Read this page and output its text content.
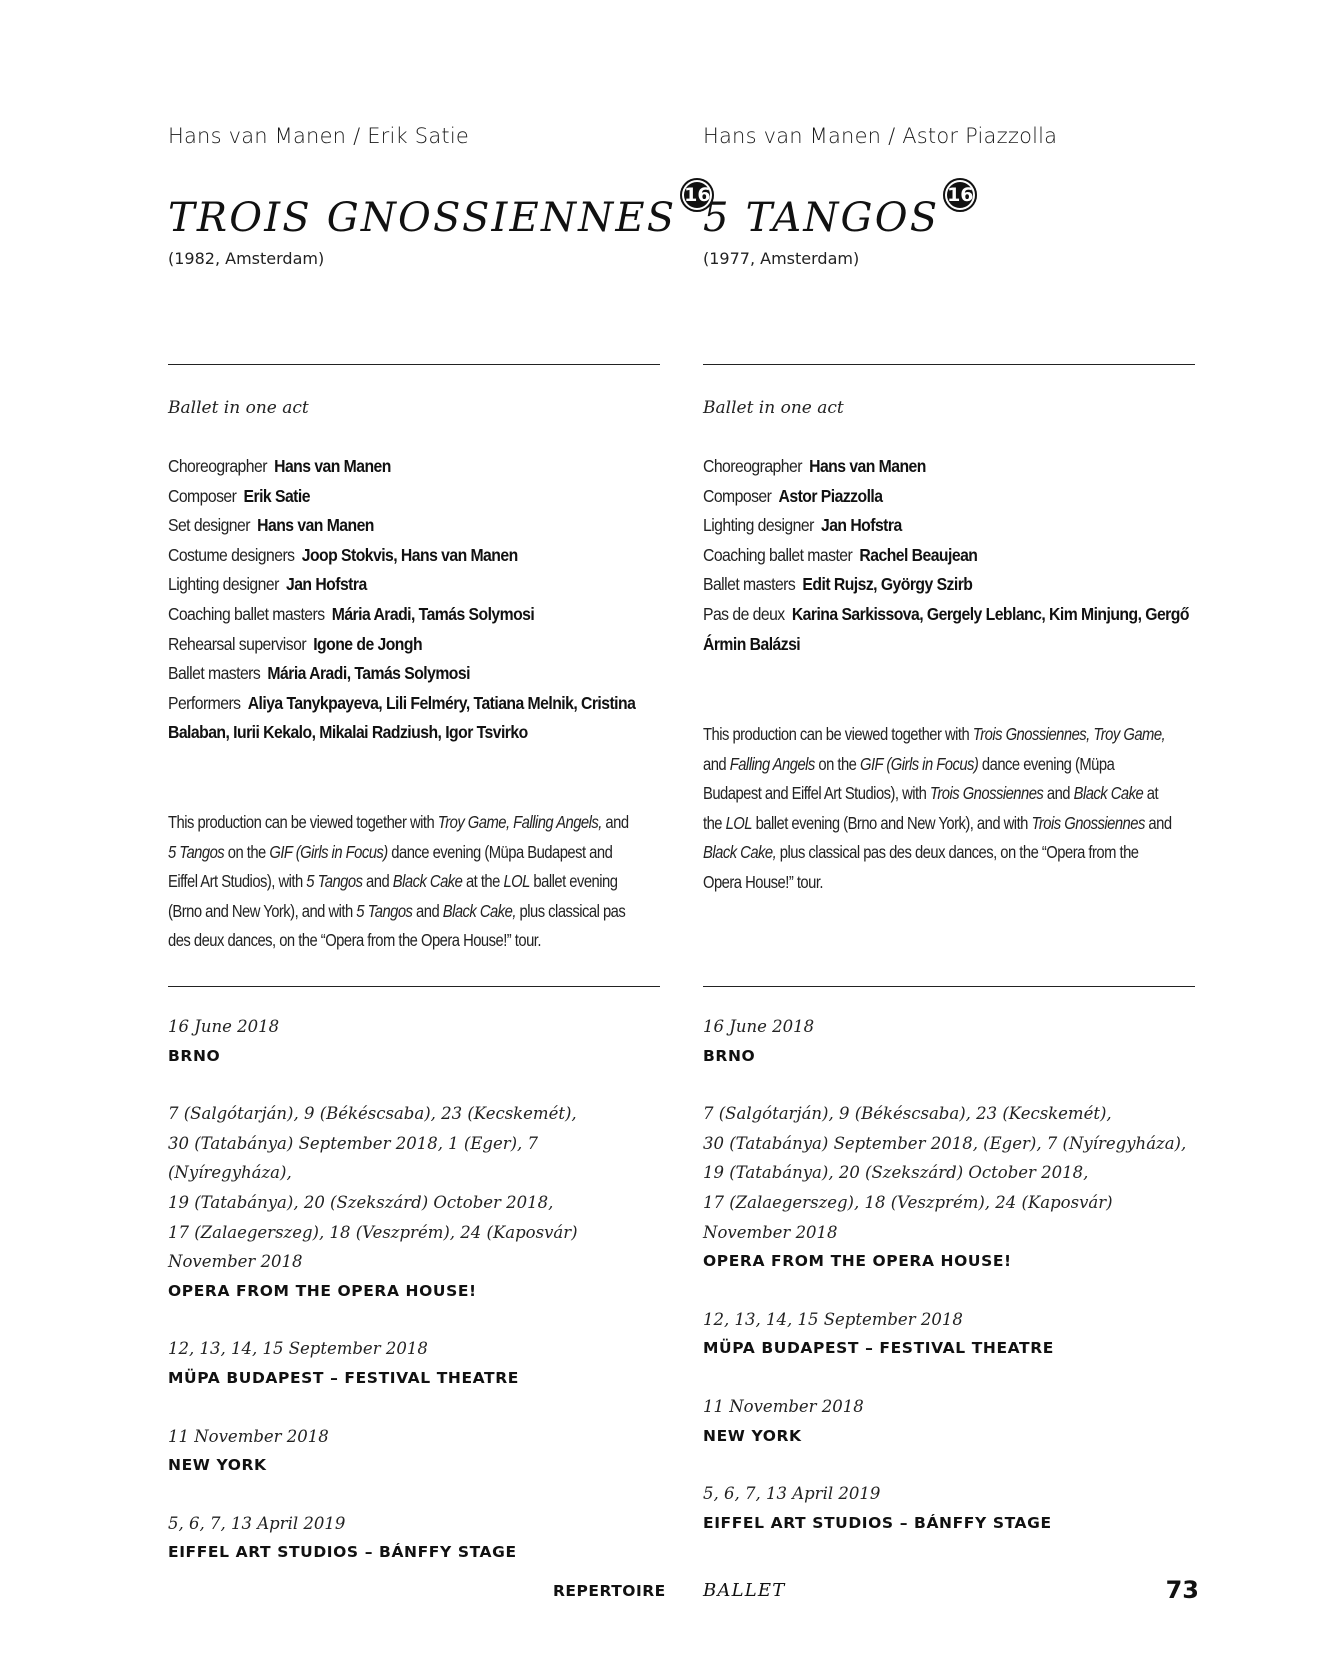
Hans van Manen / Erik Satie
TROIS GNOSSIENNES 16
(1982, Amsterdam)
Ballet in one act
Choreographer Hans van Manen
Composer Erik Satie
Set designer Hans van Manen
Costume designers Joop Stokvis, Hans van Manen
Lighting designer Jan Hofstra
Coaching ballet masters Mária Aradi, Tamás Solymosi
Rehearsal supervisor Igone de Jongh
Ballet masters Mária Aradi, Tamás Solymosi
Performers Aliya Tanykpayeva, Lili Felméry, Tatiana Melnik, Cristina Balaban, Iurii Kekalo, Mikalai Radziush, Igor Tsvirko
This production can be viewed together with Troy Game, Falling Angels, and 5 Tangos on the GIF (Girls in Focus) dance evening (Müpa Budapest and Eiffel Art Studios), with 5 Tangos and Black Cake at the LOL ballet evening (Brno and New York), and with 5 Tangos and Black Cake, plus classical pas des deux dances, on the “Opera from the Opera House!” tour.
16 June 2018
BRNO
7 (Salgótarján), 9 (Békéscsaba), 23 (Kecskemét),
30 (Tatabánya) September 2018, 1 (Eger), 7 (Nyíregyháza),
19 (Tatabánya), 20 (Szekszárd) October 2018,
17 (Zalaegerszeg), 18 (Veszprém), 24 (Kaposvár) November 2018
OPERA FROM THE OPERA HOUSE!
12, 13, 14, 15 September 2018
MÜPA BUDAPEST – FESTIVAL THEATRE
11 November 2018
NEW YORK
5, 6, 7, 13 April 2019
EIFFEL ART STUDIOS – BÁNFFY STAGE
Hans van Manen / Astor Piazzolla
5 TANGOS 16
(1977, Amsterdam)
Ballet in one act
Choreographer Hans van Manen
Composer Astor Piazzolla
Lighting designer Jan Hofstra
Coaching ballet master Rachel Beaujean
Ballet masters Edit Rujsz, György Szirb
Pas de deux Karina Sarkissova, Gergely Leblanc, Kim Minjung, Gergő Ármin Balázsi
This production can be viewed together with Trois Gnossiennes, Troy Game, and Falling Angels on the GIF (Girls in Focus) dance evening (Müpa Budapest and Eiffel Art Studios), with Trois Gnossiennes and Black Cake at the LOL ballet evening (Brno and New York), and with Trois Gnossiennes and Black Cake, plus classical pas des deux dances, on the “Opera from the Opera House!” tour.
16 June 2018
BRNO
7 (Salgótarján), 9 (Békéscsaba), 23 (Kecskemét),
30 (Tatabánya) September 2018, (Eger), 7 (Nyíregyháza),
19 (Tatabánya), 20 (Szekszárd) October 2018,
17 (Zalaegerszeg), 18 (Veszprém), 24 (Kaposvár) November 2018
OPERA FROM THE OPERA HOUSE!
12, 13, 14, 15 September 2018
MÜPA BUDAPEST – FESTIVAL THEATRE
11 November 2018
NEW YORK
5, 6, 7, 13 April 2019
EIFFEL ART STUDIOS – BÁNFFY STAGE
REPERTOIRE BALLET	73
